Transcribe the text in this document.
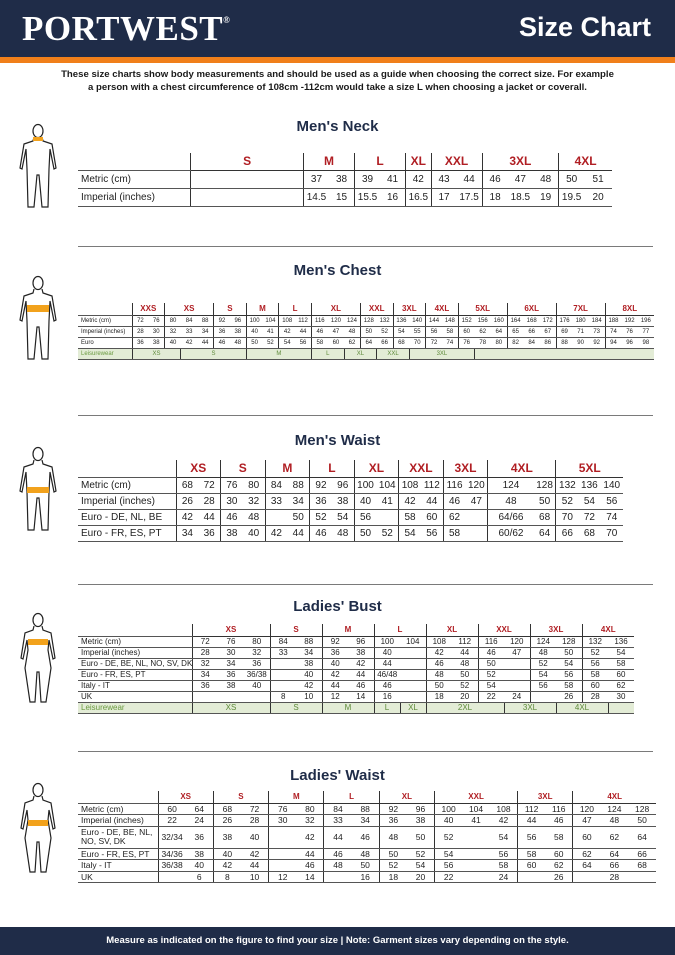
PORTWEST®	Size Chart
These size charts show body measurements and should be used as a guide when choosing the correct size. For example
a person with a chest circumference of 108cm -112cm would take a size L when choosing a jacket or coverall.
Men's Neck
	S		M		L		XL	XXL		3XL			4XL	
Metric (cm)			37	38	39	41	42	43	44	46	47	48	50	51
Imperial (inches)			14.5	15	15.5	16	16.5	17	17.5	18	18.5	19	19.5	20
Men's Chest
	XXS		XS			S		M		L		XL			XXL		3XL		4XL		5XL			6XL			7XL			8XL		
Metric (cm)	72	76	80	84	88	92	96	100	104	108	112	116	120	124	128	132	136	140	144	148	152	156	160	164	168	172	176	180	184	188	192	196
Imperial (inches)	28	30	32	33	34	36	38	40	41	42	44	46	47	48	50	52	54	55	56	58	60	62	64	65	66	67	69	71	73	74	76	77
Euro	36	38	40	42	44	46	48	50	52	54	56	58	60	62	64	66	68	70	72	74	76	78	80	82	84	86	88	90	92	94	96	98
Leisurewear	XS			S				M				L		XL		XXL		3XL														
Men's Waist
	XS		S		M		L		XL		XXL		3XL		4XL		5XL		
Metric (cm)	68	72	76	80	84	88	92	96	100	104	108	112	116	120	124	128	132	136	140
Imperial (inches)	26	28	30	32	33	34	36	38	40	41	42	44	46	47	48	50	52	54	56
Euro - DE, NL, BE	42	44	46	48		50	52	54	56		58	60	62		64/66	68	70	72	74
Euro - FR, ES, PT	34	36	38	40	42	44	46	48	50	52	54	56	58		60/62	64	66	68	70
Ladies' Bust
	XS			S		M		L		XL		XXL		3XL		4XL	
Metric (cm)	72	76	80	84	88	92	96	100	104	108	112	116	120	124	128	132	136
Imperial (inches)	28	30	32	33	34	36	38	40		42	44	46	47	48	50	52	54
Euro - DE, BE, NL, NO, SV, DK	32	34	36		38	40	42	44		46	48	50		52	54	56	58
Euro - FR, ES, PT	34	36	36/38		40	42	44	46/48		48	50	52		54	56	58	60
Italy - IT	36	38	40		42	44	46	46		50	52	54		56	58	60	62
UK				8	10	12	14	16		18	20	22	24		26	28	30
Leisurewear	XS			S		M		L	XL	2XL			3XL		4XL		
Ladies' Waist
	XS		S		M		L		XL		XXL			3XL		4XL		
Metric (cm)	60	64	68	72	76	80	84	88	92	96	100	104	108	112	116	120	124	128
Imperial (inches)	22	24	26	28	30	32	33	34	36	38	40	41	42	44	46	47	48	50
Euro - DE, BE, NL, NO, SV, DK	32/34	36	38	40		42	44	46	48	50	52		54	56	58	60	62	64
Euro - FR, ES, PT	34/36	38	40	42		44	46	48	50	52	54		56	58	60	62	64	66
Italy - IT	36/38	40	42	44		46	48	50	52	54	56		58	60	62	64	66	68
UK		6	8	10	12	14		16	18	20	22		24		26		28	
Measure as indicated on the figure to find your size | Note: Garment sizes vary depending on the style.
